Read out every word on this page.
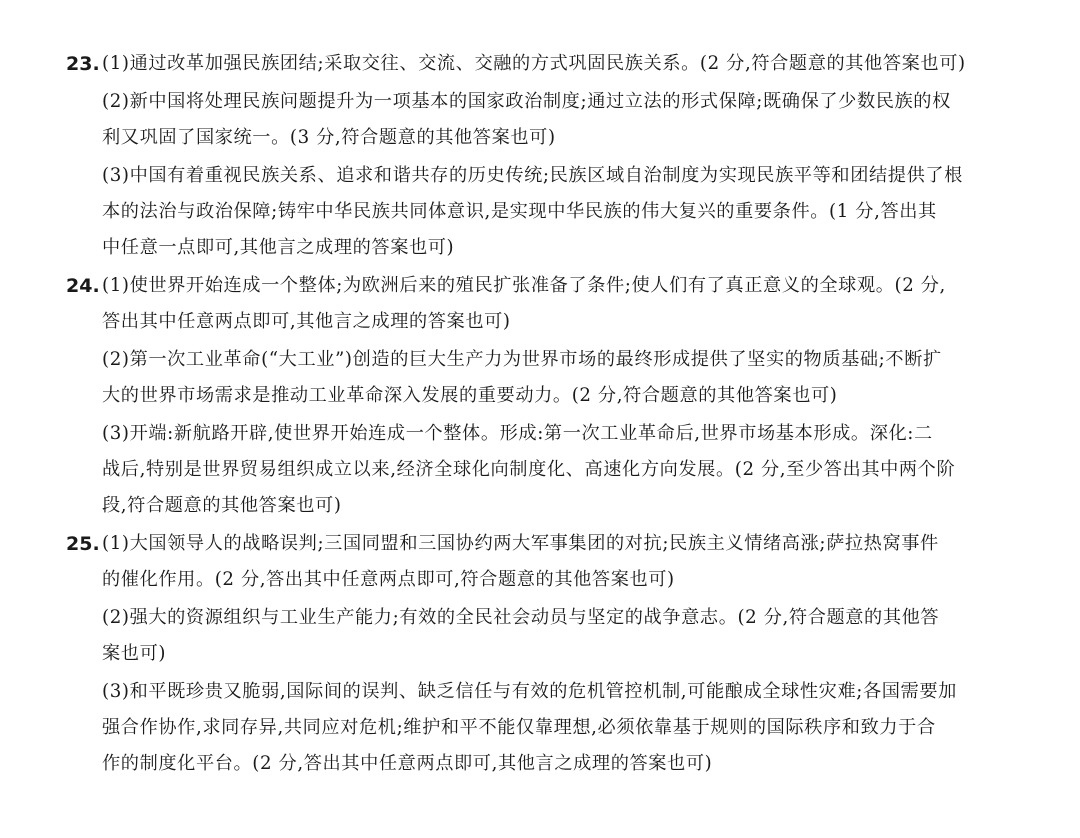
23. (1)通过改革加强民族团结;采取交往、交流、交融的方式巩固民族关系。(2 分,符合题意的其他答案也可)
(2)新中国将处理民族问题提升为一项基本的国家政治制度;通过立法的形式保障;既确保了少数民族的权
利又巩固了国家统一。(3 分,符合题意的其他答案也可)
(3)中国有着重视民族关系、追求和谐共存的历史传统;民族区域自治制度为实现民族平等和团结提供了根
本的法治与政治保障;铸牢中华民族共同体意识,是实现中华民族的伟大复兴的重要条件。(1 分,答出其
中任意一点即可,其他言之成理的答案也可)
24. (1)使世界开始连成一个整体;为欧洲后来的殖民扩张准备了条件;使人们有了真正意义的全球观。(2 分,
答出其中任意两点即可,其他言之成理的答案也可)
(2)第一次工业革命(“大工业”)创造的巨大生产力为世界市场的最终形成提供了坚实的物质基础;不断扩
大的世界市场需求是推动工业革命深入发展的重要动力。(2 分,符合题意的其他答案也可)
(3)开端:新航路开辟,使世界开始连成一个整体。形成:第一次工业革命后,世界市场基本形成。深化:二
战后,特别是世界贸易组织成立以来,经济全球化向制度化、高速化方向发展。(2 分,至少答出其中两个阶
段,符合题意的其他答案也可)
25. (1)大国领导人的战略误判;三国同盟和三国协约两大军事集团的对抗;民族主义情绪高涨;萨拉热窝事件
的催化作用。(2 分,答出其中任意两点即可,符合题意的其他答案也可)
(2)强大的资源组织与工业生产能力;有效的全民社会动员与坚定的战争意志。(2 分,符合题意的其他答
案也可)
(3)和平既珍贵又脆弱,国际间的误判、缺乏信任与有效的危机管控机制,可能酿成全球性灾难;各国需要加
强合作协作,求同存异,共同应对危机;维护和平不能仅靠理想,必须依靠基于规则的国际秩序和致力于合
作的制度化平台。(2 分,答出其中任意两点即可,其他言之成理的答案也可)
